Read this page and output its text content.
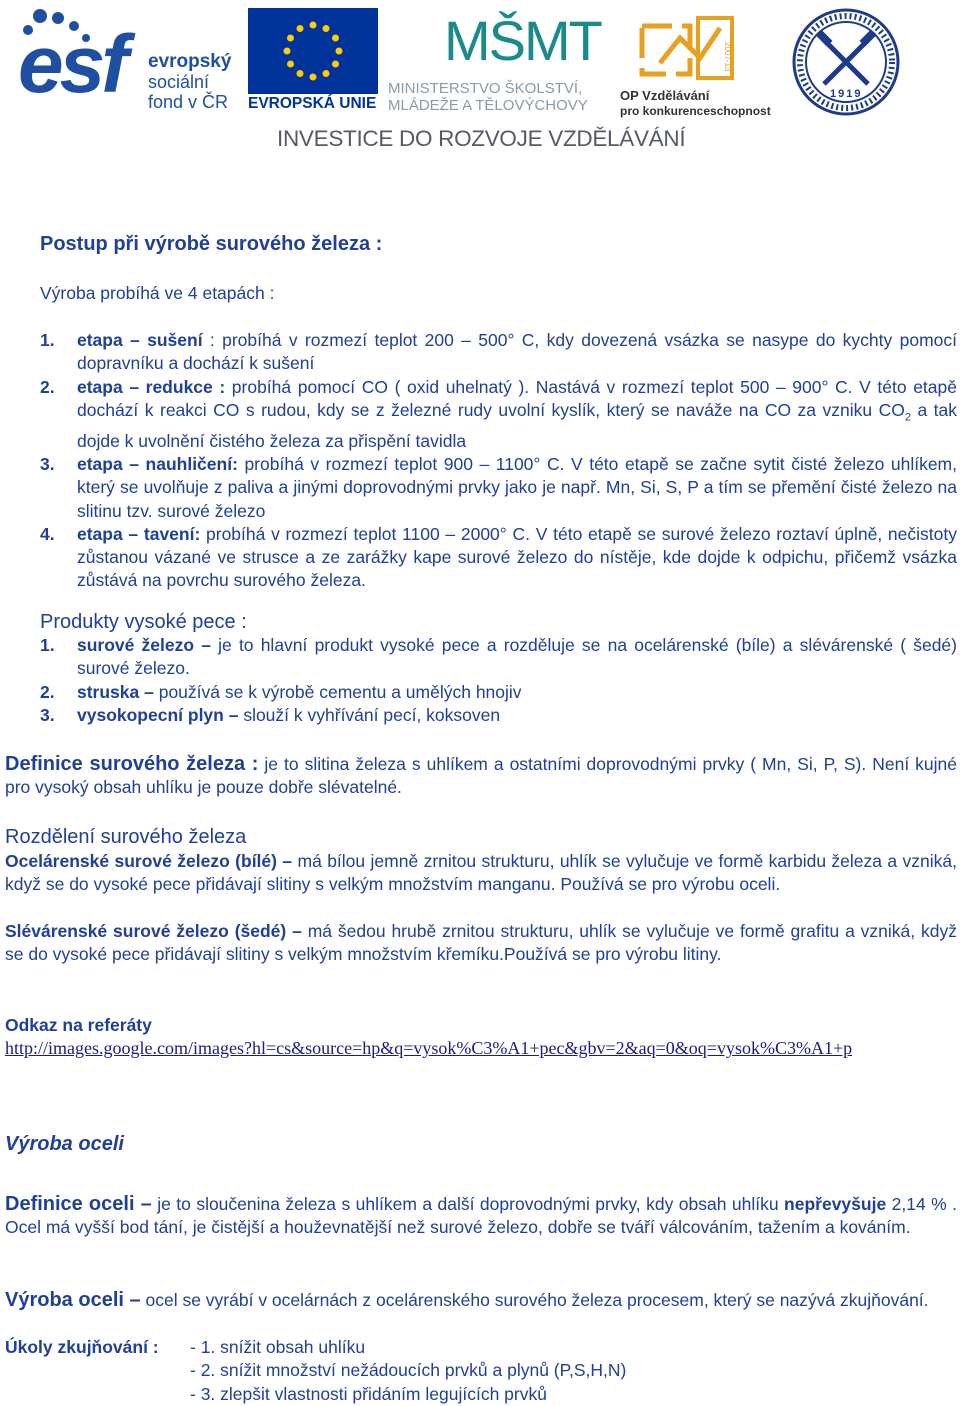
esf evropský
sociální
fond v ČR EVROPSKÁ UNIE
MŠMT
MINISTERSTVO ŠKOLSTVÍ,
MLÁDEŽE A TĚLOVÝCHOVY
2007-13
OP Vzdělávání
pro konkurenceschopnost
1919
INVESTICE DO ROZVOJE VZDĚLÁVÁNÍ
Postup při výrobě surového železa :
Výroba probíhá ve 4 etapách :
1. etapa – sušení : probíhá v rozmezí teplot 200 – 500° C, kdy dovezená vsázka se nasype do kychty pomocí dopravníku a dochází k sušení
2. etapa – redukce : probíhá pomocí CO ( oxid uhelnatý ). Nastává v rozmezí teplot 500 – 900° C. V této etapě dochází k reakci CO s rudou, kdy se z železné rudy uvolní kyslík, který se naváže na CO za vzniku $CO_2$ a tak dojde k uvolnění čistého železa za přispění tavidla
3. etapa – nauhličení: probíhá v rozmezí teplot 900 – 1100° C. V této etapě se začne sytit čisté železo uhlíkem, který se uvolňuje z paliva a jinými doprovodnými prvky jako je např. Mn, Si, S, P a tím se přemění čisté železo na slitinu tzv. surové železo
4. etapa – tavení: probíhá v rozmezí teplot 1100 – 2000° C. V této etapě se surové železo roztaví úplně, nečistoty zůstanou vázané ve strusce a ze zarážky kape surové železo do nístěje, kde dojde k odpichu, přičemž vsázka zůstává na povrchu surového železa.
Produkty vysoké pece :
1. surové železo – je to hlavní produkt vysoké pece a rozděluje se na ocelárenské (bíle) a slévárenské ( šedé) surové železo.
2. struska – používá se k výrobě cementu a umělých hnojiv
3. vysokopecní plyn – slouží k vyhřívání pecí, koksoven
Definice surového železa : je to slitina železa s uhlíkem a ostatními doprovodnými prvky ( Mn, Si, P, S). Není kujné pro vysoký obsah uhlíku je pouze dobře slévatelné.
Rozdělení surového železa
Ocelárenské surové železo (bílé) – má bílou jemně zrnitou strukturu, uhlík se vylučuje ve formě karbidu železa a vzniká, když se do vysoké pece přidávají slitiny s velkým množstvím manganu. Používá se pro výrobu oceli.
Slévárenské surové železo (šedé) – má šedou hrubě zrnitou strukturu, uhlík se vylučuje ve formě grafitu a vzniká, když se do vysoké pece přidávají slitiny s velkým množstvím křemíku.Používá se pro výrobu litiny.
Odkaz na referáty
http://images.google.com/images?hl=cs&source=hp&q=vysok%C3%A1+pec&gbv=2&aq=0&oq=vysok%C3%A1+p
Výroba oceli
Definice oceli – je to sloučenina železa s uhlíkem a další doprovodnými prvky, kdy obsah uhlíku nepřevyšuje 2,14 % . Ocel má vyšší bod tání, je čistější a houževnatější než surové železo, dobře se tváří válcováním, tažením a kováním.
Výroba oceli – ocel se vyrábí v ocelárnách z ocelárenského surového železa procesem, který se nazývá zkujňování.
Úkoly zkujňování : - 1. snížit obsah uhlíku
- 2. snížit množství nežádoucích prvků a plynů (P,S,H,N)
- 3. zlepšit vlastnosti přidáním legujících prvků
